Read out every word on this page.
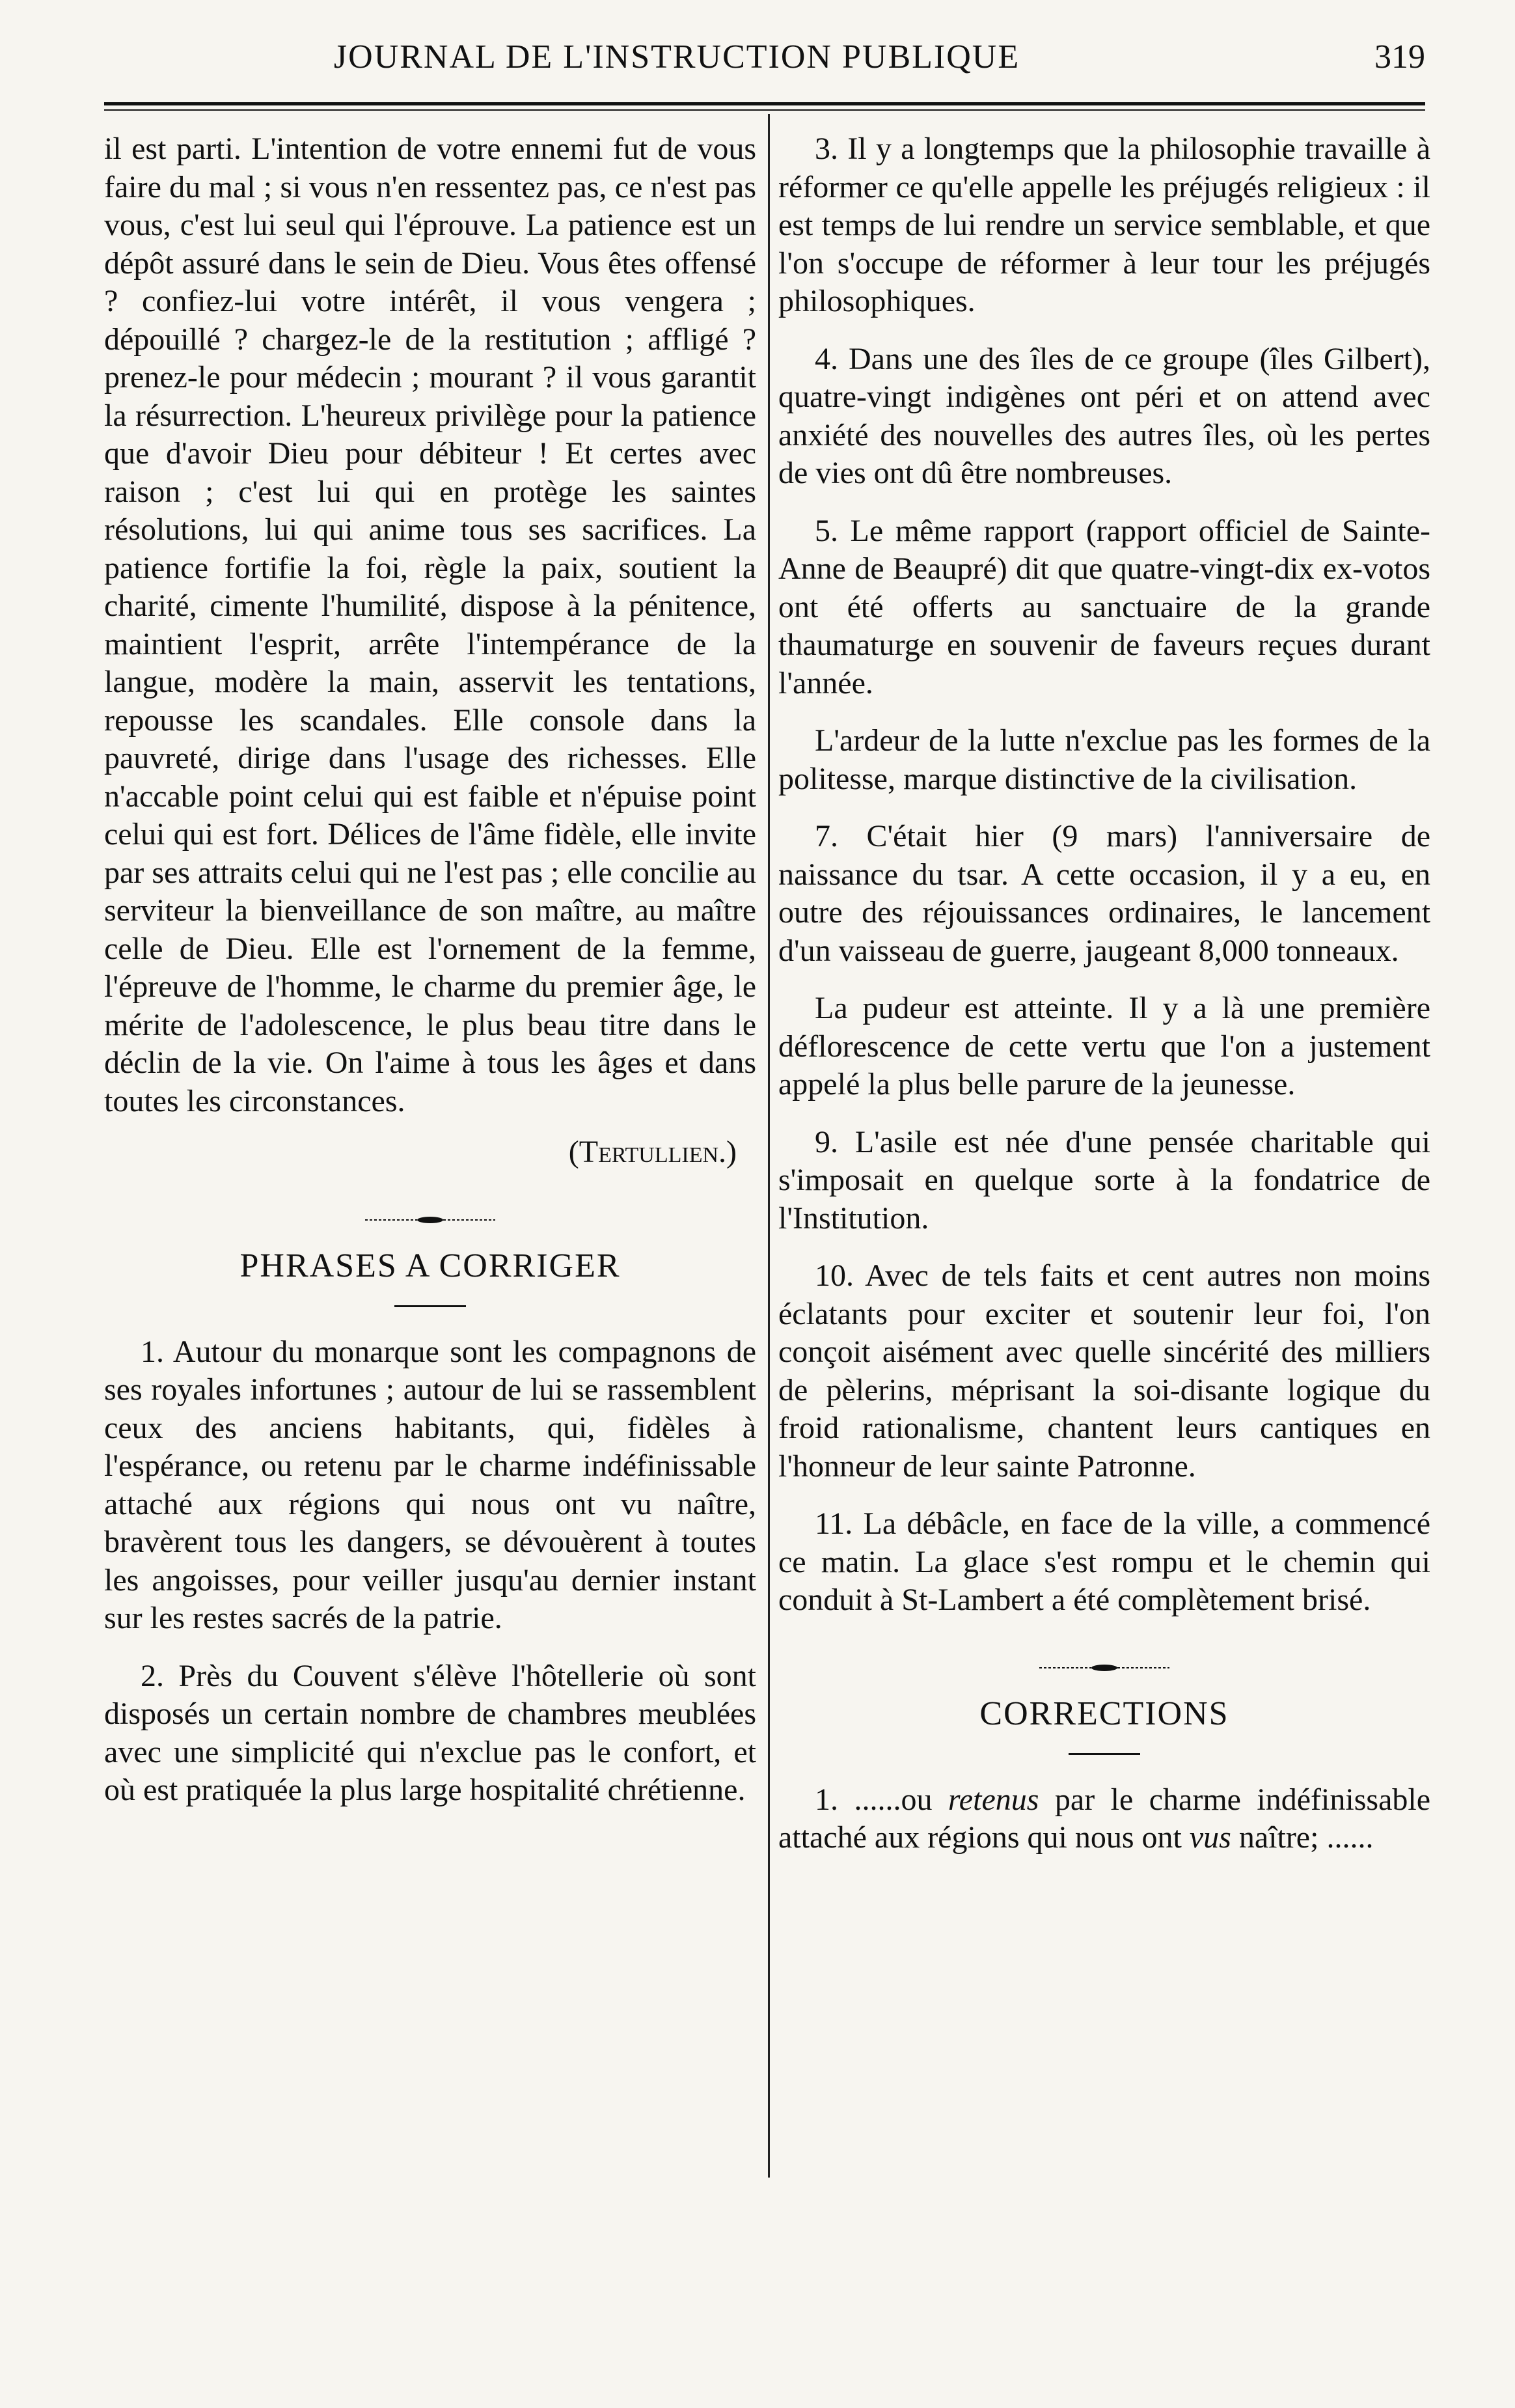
JOURNAL DE L'INSTRUCTION PUBLIQUE	319

il est parti. L'intention de votre ennemi fut de vous faire du mal ; si vous n'en ressentez pas, ce n'est pas vous, c'est lui seul qui l'éprouve. La patience est un dépôt assuré dans le sein de Dieu. Vous êtes offensé ? confiez-lui votre intérêt, il vous vengera ; dépouillé ? chargez-le de la restitution ; affligé ? prenez-le pour médecin ; mourant ? il vous garantit la résurrection. L'heureux privilège pour la patience que d'avoir Dieu pour débiteur ! Et certes avec raison ; c'est lui qui en protège les saintes résolutions, lui qui anime tous ses sacrifices. La patience fortifie la foi, règle la paix, soutient la charité, cimente l'humilité, dispose à la pénitence, maintient l'esprit, arrête l'intempérance de la langue, modère la main, asservit les tentations, repousse les scandales. Elle console dans la pauvreté, dirige dans l'usage des richesses. Elle n'accable point celui qui est faible et n'épuise point celui qui est fort. Délices de l'âme fidèle, elle invite par ses attraits celui qui ne l'est pas ; elle concilie au serviteur la bienveillance de son maître, au maître celle de Dieu. Elle est l'ornement de la femme, l'épreuve de l'homme, le charme du premier âge, le mérite de l'adolescence, le plus beau titre dans le déclin de la vie. On l'aime à tous les âges et dans toutes les circonstances.

(Tertullien.)

PHRASES A CORRIGER

1. Autour du monarque sont les compagnons de ses royales infortunes ; autour de lui se rassemblent ceux des anciens habitants, qui, fidèles à l'espérance, ou retenu par le charme indéfinissable attaché aux régions qui nous ont vu naître, bravèrent tous les dangers, se dévouèrent à toutes les angoisses, pour veiller jusqu'au dernier instant sur les restes sacrés de la patrie.

2. Près du Couvent s'élève l'hôtellerie où sont disposés un certain nombre de chambres meublées avec une simplicité qui n'exclue pas le confort, et où est pratiquée la plus large hospitalité chrétienne.

3. Il y a longtemps que la philosophie travaille à réformer ce qu'elle appelle les préjugés religieux : il est temps de lui rendre un service semblable, et que l'on s'occupe de réformer à leur tour les préjugés philosophiques.

4. Dans une des îles de ce groupe (îles Gilbert), quatre-vingt indigènes ont péri et on attend avec anxiété des nouvelles des autres îles, où les pertes de vies ont dû être nombreuses.

5. Le même rapport (rapport officiel de Sainte-Anne de Beaupré) dit que quatre-vingt-dix ex-votos ont été offerts au sanctuaire de la grande thaumaturge en souvenir de faveurs reçues durant l'année.

L'ardeur de la lutte n'exclue pas les formes de la politesse, marque distinctive de la civilisation.

7. C'était hier (9 mars) l'anniversaire de naissance du tsar. A cette occasion, il y a eu, en outre des réjouissances ordinaires, le lancement d'un vaisseau de guerre, jaugeant 8,000 tonneaux.

La pudeur est atteinte. Il y a là une première déflorescence de cette vertu que l'on a justement appelé la plus belle parure de la jeunesse.

9. L'asile est née d'une pensée charitable qui s'imposait en quelque sorte à la fondatrice de l'Institution.

10. Avec de tels faits et cent autres non moins éclatants pour exciter et soutenir leur foi, l'on conçoit aisément avec quelle sincérité des milliers de pèlerins, méprisant la soi-disante logique du froid rationalisme, chantent leurs cantiques en l'honneur de leur sainte Patronne.

11. La débâcle, en face de la ville, a commencé ce matin. La glace s'est rompu et le chemin qui conduit à St-Lambert a été complètement brisé.

CORRECTIONS

1. ......ou retenus par le charme indéfinissable attaché aux régions qui nous ont vus naître; ......
